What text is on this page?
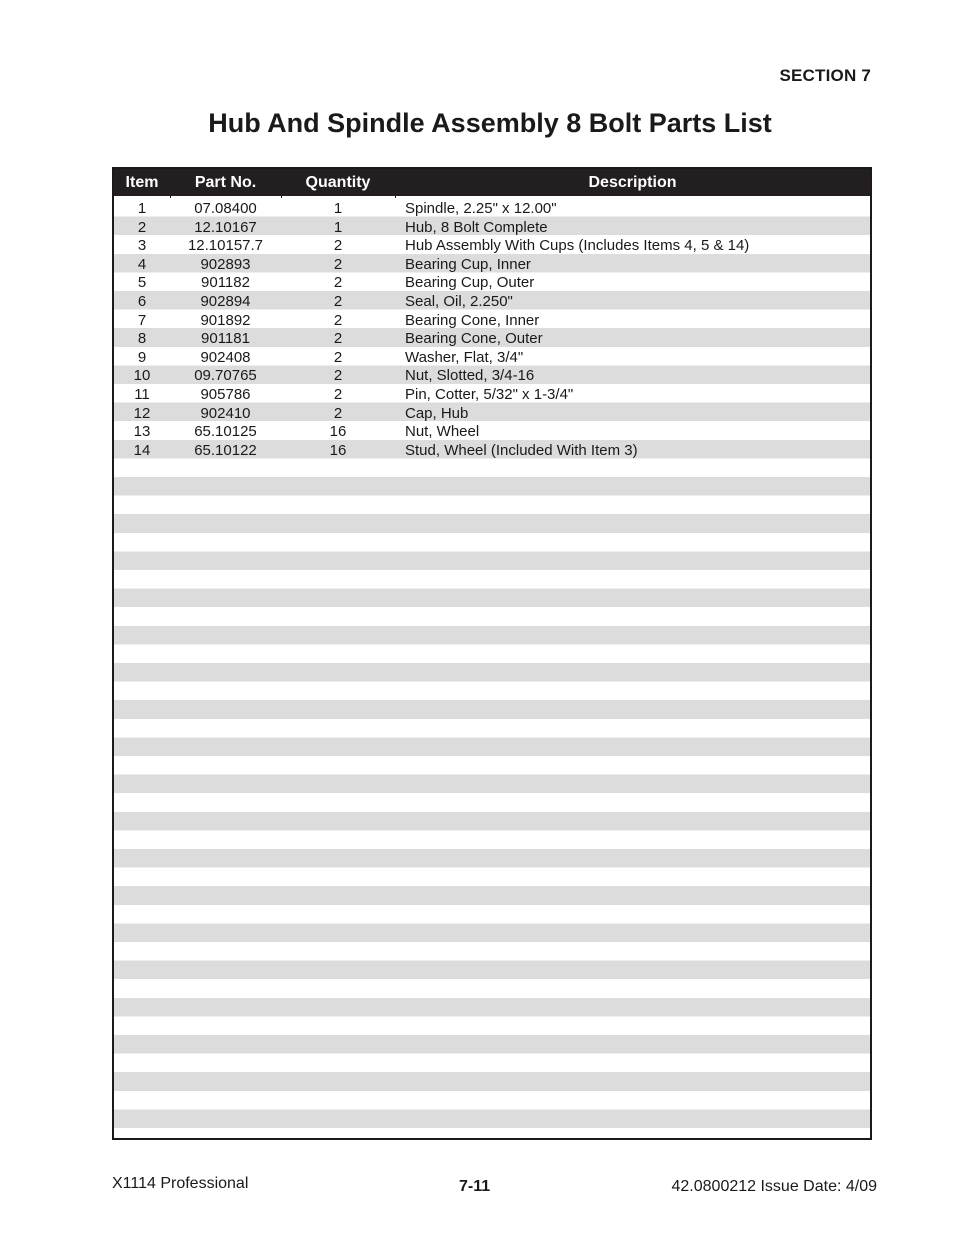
SECTION 7
Hub And Spindle Assembly 8 Bolt Parts List
Item	Part No.	Quantity	Description
1	07.08400	1	Spindle, 2.25" x 12.00"
2	12.10167	1	Hub, 8 Bolt Complete
3	12.10157.7	2	Hub Assembly With Cups (Includes Items 4, 5 & 14)
4	902893	2	Bearing Cup, Inner
5	901182	2	Bearing Cup, Outer
6	902894	2	Seal, Oil, 2.250"
7	901892	2	Bearing Cone, Inner
8	901181	2	Bearing Cone, Outer
9	902408	2	Washer, Flat, 3/4"
10	09.70765	2	Nut, Slotted, 3/4-16
11	905786	2	Pin, Cotter, 5/32" x 1-3/4"
12	902410	2	Cap, Hub
13	65.10125	16	Nut, Wheel
14	65.10122	16	Stud, Wheel (Included With Item 3)
X1114 Professional	7-11	42.0800212 Issue Date: 4/09
